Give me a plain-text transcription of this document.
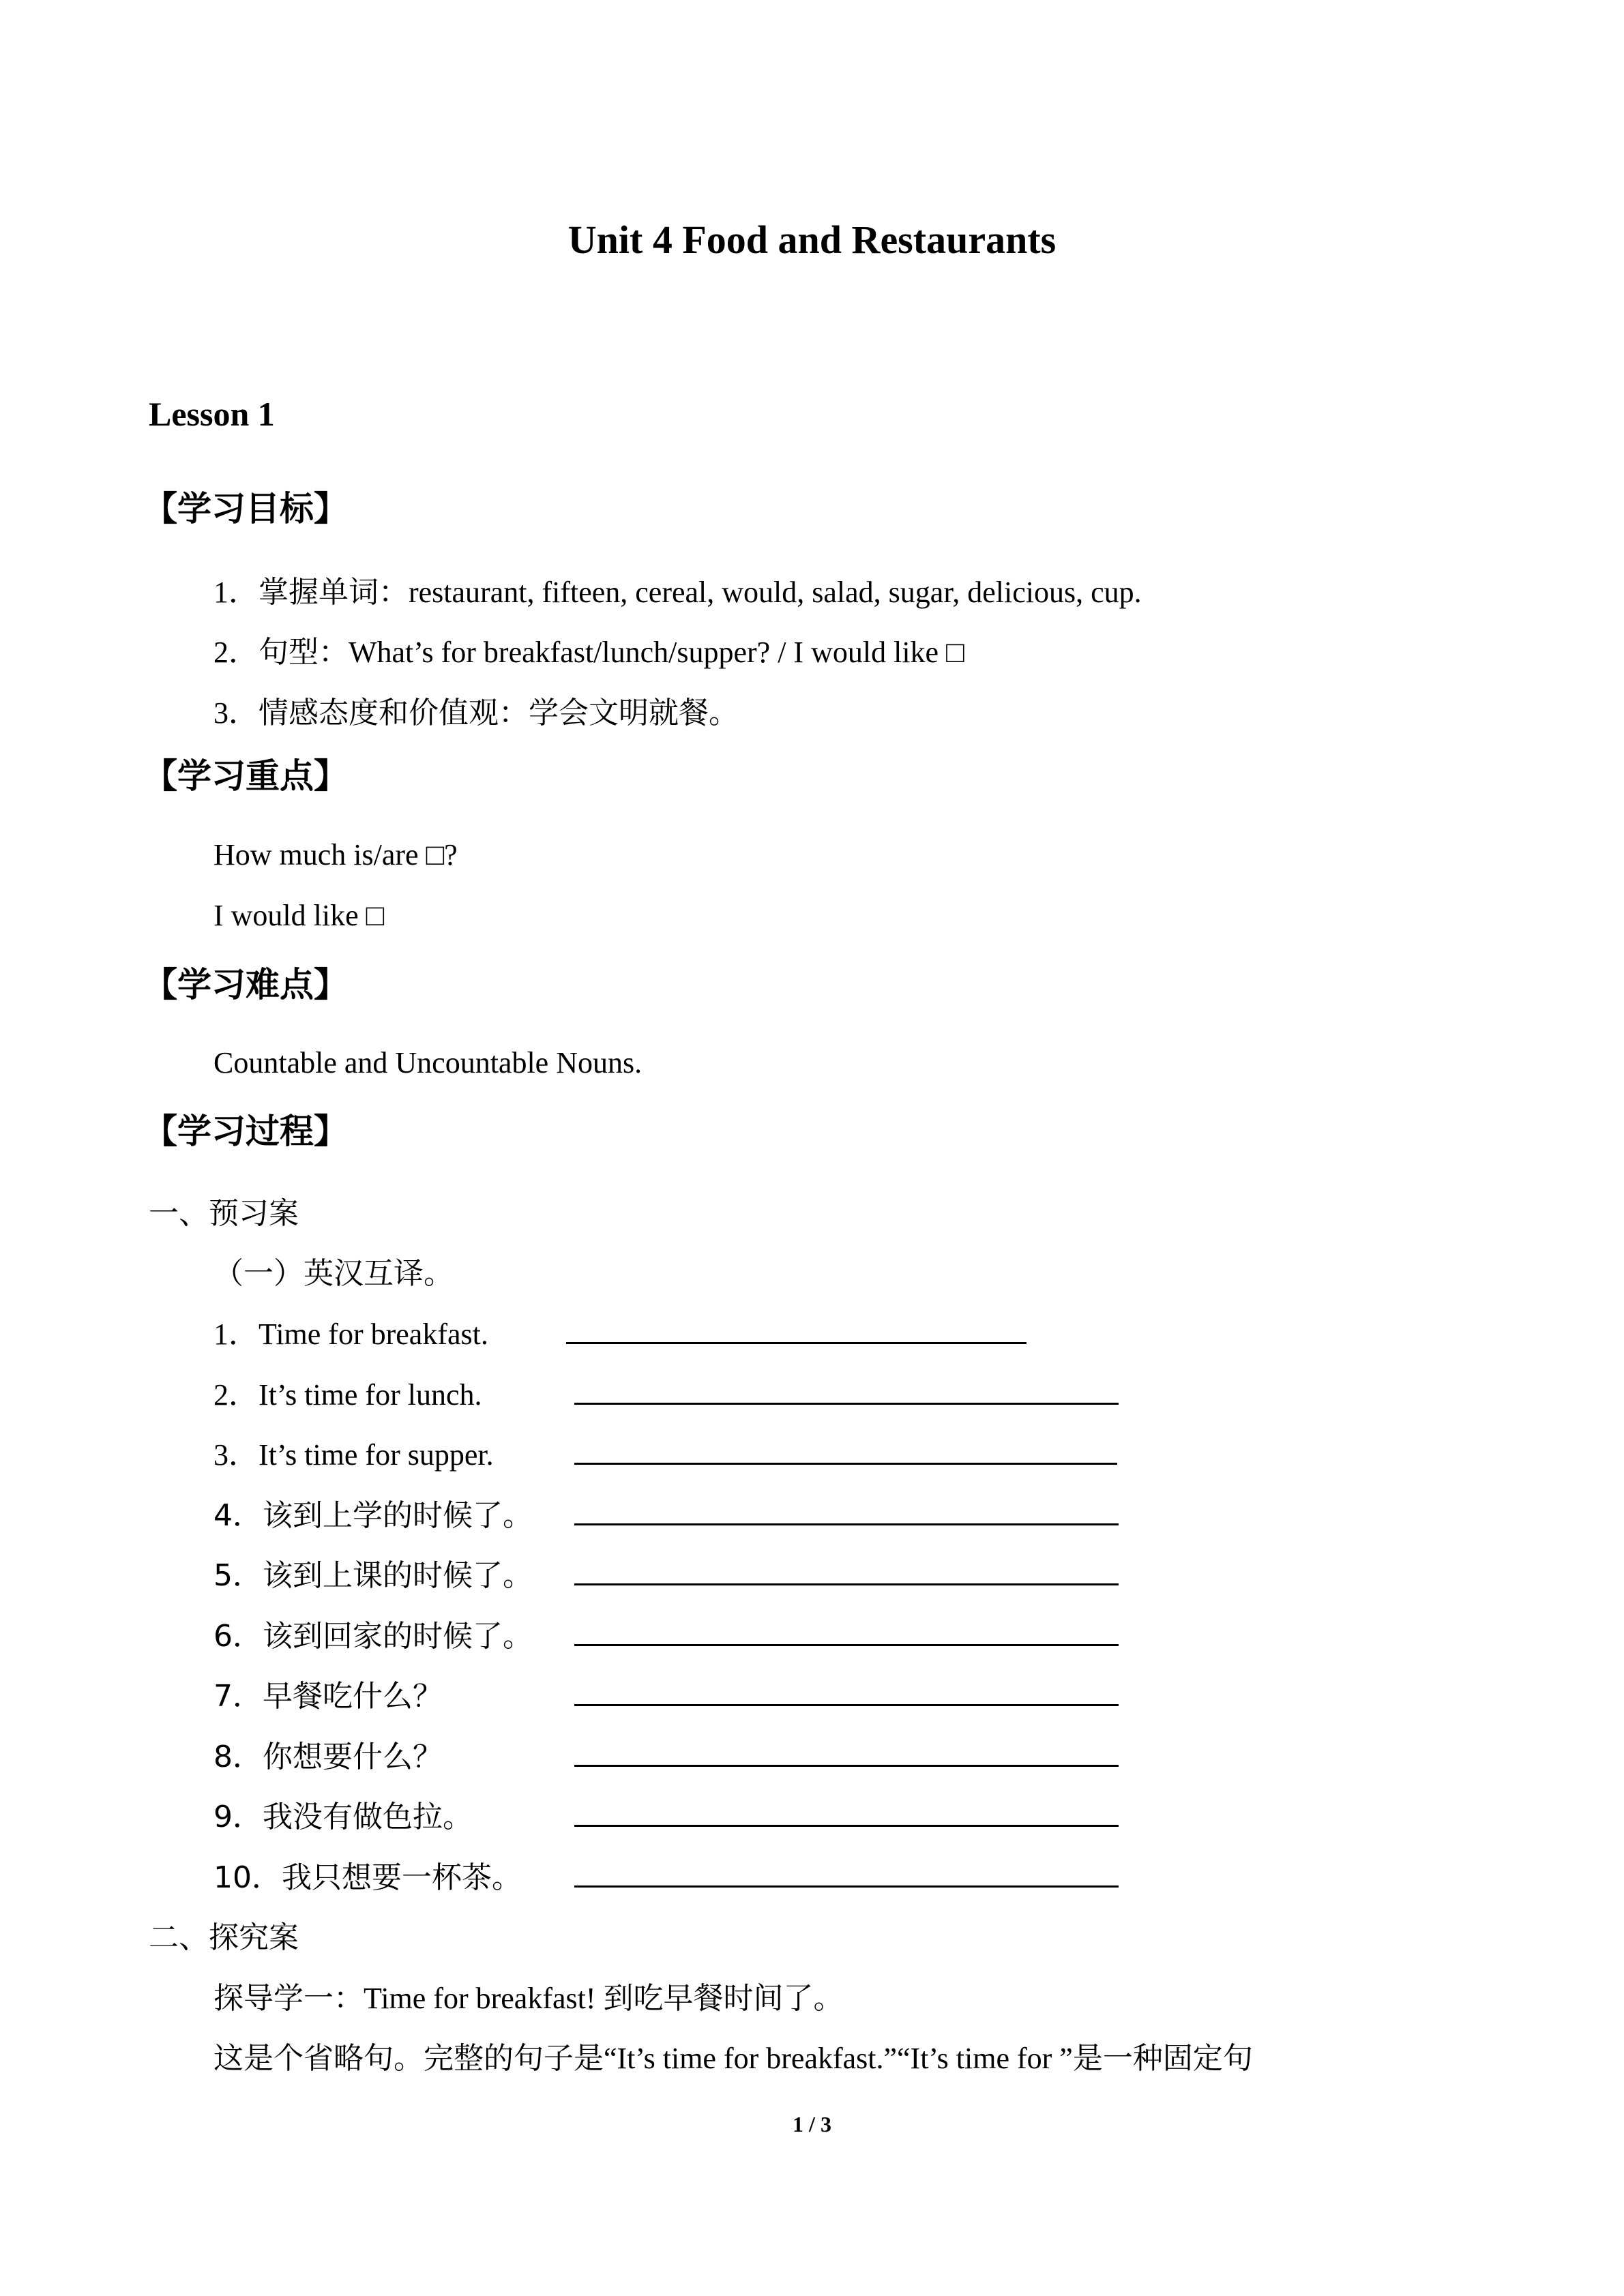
Unit 4 Food and Restaurants
Lesson 1
【学习目标】
1．掌握单词：restaurant, fifteen, cereal, would, salad, sugar, delicious, cup.
2．句型：What’s for breakfast/lunch/supper? / I would like □
3．情感态度和价值观：学会文明就餐。
【学习重点】
How much is/are □?
I would like □
【学习难点】
Countable and Uncountable Nouns.
【学习过程】
一、预习案
（一）英汉互译。
1．Time for breakfast.
2．It’s time for lunch.
3．It’s time for supper.
4．该到上学的时候了。
5．该到上课的时候了。
6．该到回家的时候了。
7．早餐吃什么？
8．你想要什么？
9．我没有做色拉。
10．我只想要一杯茶。
二、探究案
探导学一：Time for breakfast! 到吃早餐时间了。
这是个省略句。完整的句子是“It’s time for breakfast.”“It’s time for ”是一种固定句
1 / 3
